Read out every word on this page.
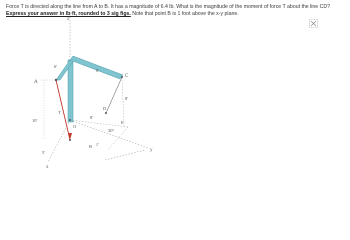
Force T is directed along the line from A to B. It has a magnitude of 6.4 lb. What is the magnitude of the moment of force T about the line CD? Express your answer in lb·ft, rounded to 3 sig figs. Note that point B is 1 foot above the x-y plane.
z
x
y
A
B
C
D
E
O
T
6'
8'
8'
8'
10'
5'
1'
30°
